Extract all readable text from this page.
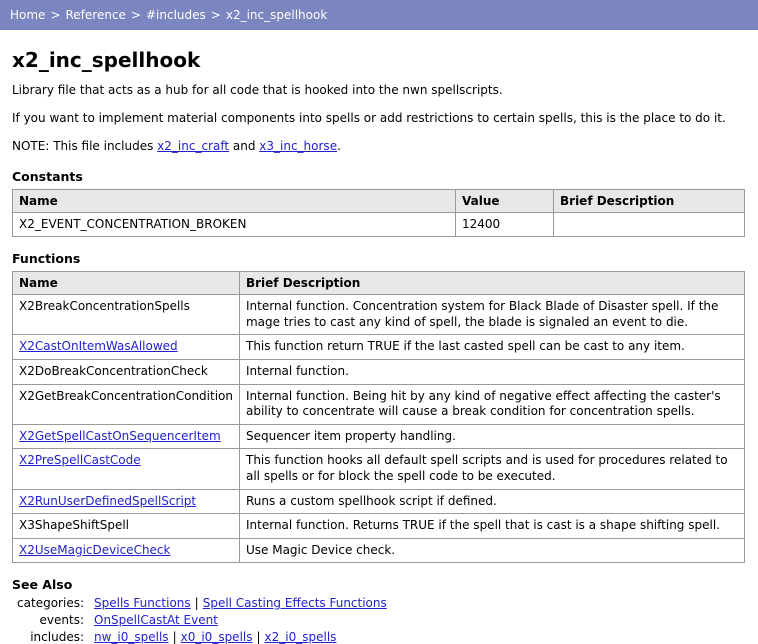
Home > Reference > #includes > x2_inc_spellhook
x2_inc_spellhook

Library file that acts as a hub for all code that is hooked into the nwn spellscripts.

If you want to implement material components into spells or add restrictions to certain spells, this is the place to do it.

NOTE: This file includes x2_inc_craft and x3_inc_horse.

Constants
Name	Value	Brief Description
X2_EVENT_CONCENTRATION_BROKEN	12400	
Functions
Name	Brief Description
X2BreakConcentrationSpells	Internal function. Concentration system for Black Blade of Disaster spell. If the mage tries to cast any kind of spell, the blade is signaled an event to die.
X2CastOnItemWasAllowed	This function return TRUE if the last casted spell can be cast to any item.
X2DoBreakConcentrationCheck	Internal function.
X2GetBreakConcentrationCondition	Internal function. Being hit by any kind of negative effect affecting the caster's ability to concentrate will cause a break condition for concentration spells.
X2GetSpellCastOnSequencerItem	Sequencer item property handling.
X2PreSpellCastCode	This function hooks all default spell scripts and is used for procedures related to all spells or for block the spell code to be executed.
X2RunUserDefinedSpellScript	Runs a custom spellhook script if defined.
X3ShapeShiftSpell	Internal function. Returns TRUE if the spell that is cast is a shape shifting spell.
X2UseMagicDeviceCheck	Use Magic Device check.
See Also
categories: Spells Functions | Spell Casting Effects Functions
events: OnSpellCastAt Event
includes: nw_i0_spells | x0_i0_spells | x2_i0_spells
